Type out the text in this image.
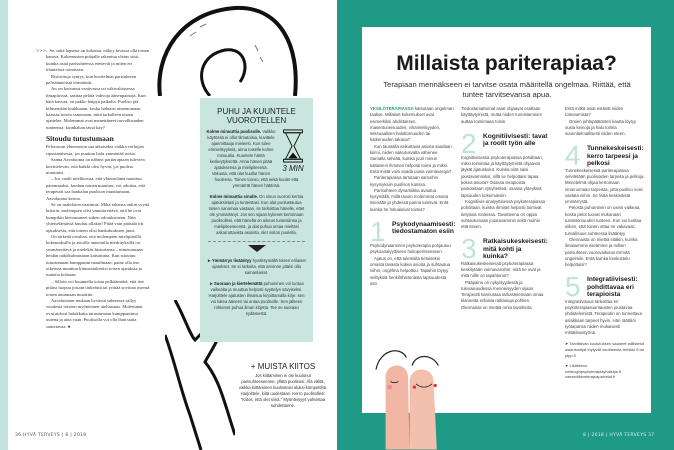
>>> – Se, mitä lapsena on kokenut, näkyy tavassa olla toisen kanssa. Kokemusten pohjalle rakentuu oletus siitä, kuinka asiat parisuhteessa etenevät ja miten eri tilanteissa toimitaan.

Ristiriitoja syntyy, kun kuvitelmat parisuhteen pelisäännöistä törmäävät.

Jos on kasvanut vaativassa tai väkivaltaisessa ilmapiirissä, saattaa pelätä vahvoja äänenpainoja. Kun hätä kasvaa, on pakko häipyä paikalta. Puoliso jää kihisemään kiukkuaan, koska haluaisi nimenomaan haastaa toisen sanomaan, mitä tarkalleen ottaen ajattelee. Molemmat ovat menettäneet turvallisuuden tunteensa: kuinkahan tässä käy?

Sitoudu tutustumaan

Pelottavan yhteenoton saa aikaiseksi vaikka verhojen ripustamisesta, jos puuttuu halu ymmärtää toista.

Sanna Aavaluoma on nähnyt pariterapiaan tulevien kuvittelevan, että kaikki olisi hyvin, jos puoliso muuttuisi.

– Jos vaalii mielikuvaa, että yhteiselämä muuttuu paremmaksi, kunhan toinen muuttuu, voi odottaa, että terapeutti saa hankalan puolison muuttumaan, Aavaluoma kertoo.

Se on mahdoton vaatimus. Mikä tahansa onkin syynä kriisiin, molempien olisi ymmärrettävä, että he ovat kumpikin kietoutuneet siihen odotuksineen. Niin yhteiselämässä kuuluu ollakin! Pitää vain päästää irti ajatuksesta, että toinen olisi hankaluuksien juuri.

On tärkeää oivaltaa, että molempien mielipiteillä, kokemuksilla ja asioille annetuilla merkityksillä on ymmärrettävä ja mielekäs historiansa – nimenomaan heidän näkökulmastaan katsottuna. Kun sitoutuu tutustumaan kumppanin maailmaan, paine olla itse oikeassa muuttuu kiinnostukseksi toisen ajatuksia ja tunteita kohtaan.

– Silloin voi kuunnella toista pelkäämättä, että itse pitäisi luopua jostain tärkeästä tai yrittää sovittaa itsensä toisen antamaan muottiin.

Aavaluoman mukaan hyvässä suhteessa säilyy vuodesta toiseen myönteinen uteliaisuus. Molemmat ovat aidosti halukkaita tutustumaan kumppaniinsa uutena ja aina vaan. Puolisolla voi olla ihan uutta sanottavaa. ●

36 HYVÄ TERVEYS | 8 | 2018
PUHU JA KUUNTELE VUOROTELLEN
3 MIN

Kolme minuuttia puolisolle. Valikko käytössä ei ollut tilmatoisia, kuvittele ajanmittaaja mieleesi. Kun tulee erimielisyyksiä, anna toiselle kolme minuuttia. Kuuntele häntä keskeytyksettä. Anna hänen pitää ajatuksensa ja mielipiteensä. Vakuuta, että olet kuullut hänen huolensa. Toinen toivoo, että sekä kuulet että ymmärrät hänen hätänsä.

Kolme minuuttia sinulle. On sinun vuorosi kertoa ajatuksistasi ja tunteistasi. Kun alat puolustautua toisen sanomaa vastaan, se tarkoittaa hänelle, ettet ole ymmärtänyt. Jos sen sijaan kykenet kertomaan puolisollesi, että hänellä on oikeus tunteisiinsa ja mielipiteeseensä, ja alat puhua omaa mieltäsi askarruttavista asioista, olet voiton puolella.

➤ Ymmärrys lisääntyy hyväksymällä toisen erilaiset ajatukset. Se ei tarkoita, että arvonne pitäisi olla samanlaiset.

➤ Suoraan ja kiertelemättä puhuminen voi tuntua vaikealta ja muuttua helposti syyttelyn sävyiseksi. Harjoittele ajatusten ilmaisua kirjoittamalla kirje: sen voi lukea ääneen tai antaa puolisolle. Sen jälkeen rohkenet puhua ilman kirjettä. Tee se suoraan sydämestä.

+ MUISTA KIITOS

Jos kiittäminen ei ole kuulunut parisuhteeseenne, yllätä puolisosi. Älä välitä, vaikka kiittäminen kuulostaisi aluksi kömpelöltä. Harjoittele, kiitä uudestaan. Kerro puolisollesi: "Kiitos, että olet siinä." Myönteisyys vahvistaa suhdettanne.

Millaista pariterapiaa?

Terapiaan mennäkseen ei tarvitse osata määritellä ongelmaa. Riittää, että tuntee tarvitsevansa apua.

YKSILÖTERAPIASSA katsotaan ongelman taakse. Millaiset kokemukset ovat esimerkiksi ahdistuksen, masentuneisuuden, vihamielisyyden, seksuaalisen haluttomuuden tai katkeruuden takana?

Kun taustalla vaikuttavia asioita saadaan kiinni, niiden vaikutusvalta vähenee. Samalla selviää, kuinka juuri minun kaltaiseni ihminen helposti toimii ja miksi. Entä mistä voisi saada uusia voimavaroja?

Pariterapiassa tartutaan samoihin kysymyksiin puolison kanssa.

Parisuhteen dynamiikka avautuu kysymällä, millä tavoin molemmat omana itsenään ja yhdessä parina toimivat. Entä kuinka he haluaisivat toimia?

1 Psykodynaamisesti: tiedostamaton esiin

Psykodynaaminen psykoterapia pohjautuu psykoanalyyttiseen hoitoperinteeseen.

Ajatus on, että tulemalla tietoiseksi omasta tavasta kokea asioita ja suhtautua niihin, ongelma helpottuu. Tapaihin löytyy selityksiä henkilöhistoriasta lapsuudesta asti.

Tiedostamattomat asiat ohjaavat osaltaan käyttäytymistä, mutta niiden tunnistaminen auttaa toimimaan toisin.

2 Kognitiivisesti: tavat ja roolit työn alle

Kognitiivisessa psykoterapiassa pohditaan, miksi toimintaa ja käyttäytymistä ohjaavat jäykät ajatuskulut. Kuinka niitä saisi joustavammiksi, sillä se helpottaisi tapaa kokea asioita? Osassa terapioista painotetaan nykyhetkeä, osassa yhteyksiä lapsuuden kokemuksiin.

Kognitiivis-analyyttisessä psykoterapiassa pohditaan, kuinka ihmiset helposti toimivat tietyissä rooleissa. Tavoitteena on oppia suhtautumaan joustavammin sekä muihin että itseen.

3 Ratkaisukeskeisesti: mitä kohti ja kuinka?

Ratkaisukeskeisessä psykoterapiassa keskitytään voimavaroihin: mitä ne ovat ja mitä niille on tapahtunut?

Pääpaino on nykyisyydessä ja tulevaisuudessa menneisyyden sijaan. Terapeutti kannustaa tarkastelemaan omaa tilannetta erilaisia ratkaisuja pohtien. Olennaista on miettiä omia tavoitteita.

Entä mitkä asiat estävät niiden toteutumista?

Omien johtopäätösten kautta löytyy uusia keinoja ja halu toimia suunnitelmallisesti niiden eteen.

4 Tunnekeskeisesti: kerro tarpeesi ja pelkosi

Tunnekeskeisessä pariterapiassa selvitetään puolisoiden tarpeita ja pelkoja. Menetelmä ohjaa kertomaan nimenomaan tarpeista, jotta puoliso voisi vastata niihin. Se lisää keskinäistä ymmärrystä.

Pelosta puhuminen on usein vaikeaa, koska pelot tuovat mukanaan turvattomuuden tunteen. Kun voi luottaa siihen, että toinen ottaa ne vakavasti, turvallisuus suhteessa lisääntyy.

Olennaista on miettiä sitäkin, kuinka ilmaisemme itseämme ja milloin parisuhteen vuorovaikutus törmää ongelmiin. Entä kuinka keskustelu helpottuisi?

5 Integratiivisesti: pohdittavaa eri terapioista

Integratiivisuus tarkoittaa eri psykoterapiasuuntausten joustavaa yhdistelemistä. Terapeutin on tunnettava asiakkaan tarpeet hyvin. Hän räätälöi työtapansa niiden mukaisesti mittatilaustyönä.

➤ Tarvittavan koulutuksen saaneet laillistetut asiantuntijat löytyvät osoitteesta terhikki.fi tai ytpp.fi

➤ Lisätietoa: helsinginpsykoterapiayhdistys.fi, vaestoliittonterapiapalvelut.fi

8 | 2018 | HYVÄ TERVEYS 37
